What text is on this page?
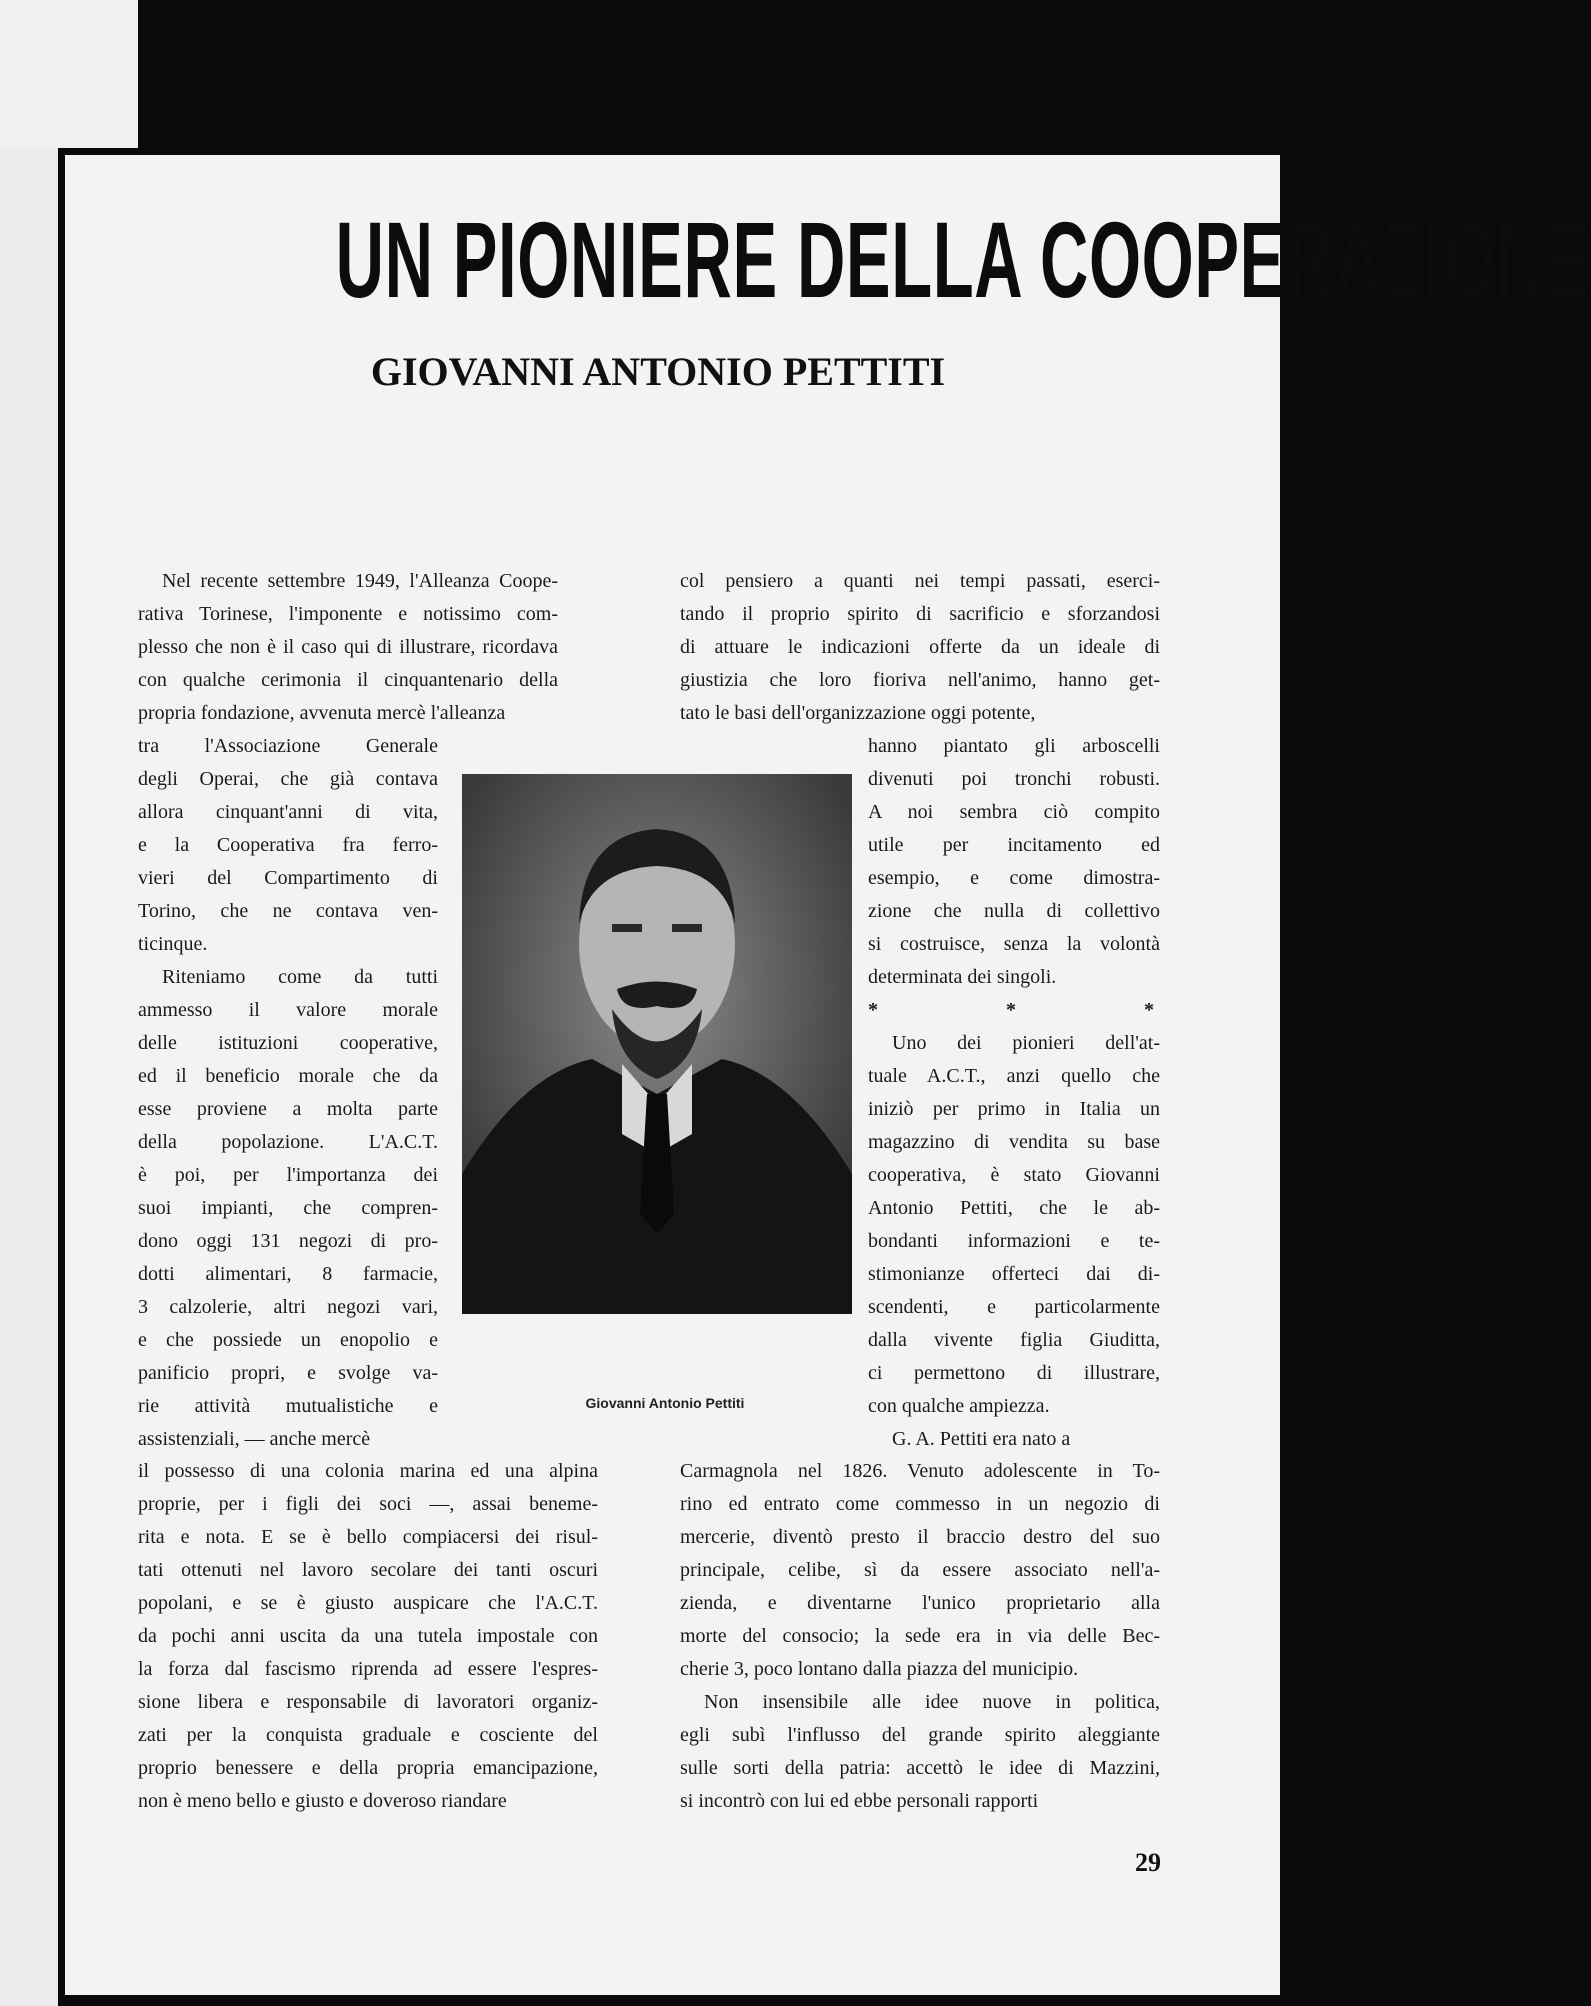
UN PIONIERE DELLA COOPERAZIONE
GIOVANNI ANTONIO PETTITI
Nel recente settembre 1949, l'Alleanza Coope-
rativa Torinese, l'imponente e notissimo com-
plesso che non è il caso qui di illustrare, ricordava
con qualche cerimonia il cinquantenario della
propria fondazione, avvenuta mercè l'alleanza
tra l'Associazione Generale
degli Operai, che già contava
allora cinquant'anni di vita,
e la Cooperativa fra ferro-
vieri del Compartimento di
Torino, che ne contava ven-
ticinque.
Riteniamo come da tutti
ammesso il valore morale
delle istituzioni cooperative,
ed il beneficio morale che da
esse proviene a molta parte
della popolazione. L'A.C.T.
è poi, per l'importanza dei
suoi impianti, che compren-
dono oggi 131 negozi di pro-
dotti alimentari, 8 farmacie,
3 calzolerie, altri negozi vari,
e che possiede un enopolio e
panificio propri, e svolge va-
rie attività mutualistiche e
assistenziali, — anche mercè
il possesso di una colonia marina ed una alpina
proprie, per i figli dei soci —, assai beneme-
rita e nota. E se è bello compiacersi dei risul-
tati ottenuti nel lavoro secolare dei tanti oscuri
popolani, e se è giusto auspicare che l'A.C.T.
da pochi anni uscita da una tutela impostale con
la forza dal fascismo riprenda ad essere l'espres-
sione libera e responsabile di lavoratori organiz-
zati per la conquista graduale e cosciente del
proprio benessere e della propria emancipazione,
non è meno bello e giusto e doveroso riandare
col pensiero a quanti nei tempi passati, eserci-
tando il proprio spirito di sacrificio e sforzandosi
di attuare le indicazioni offerte da un ideale di
giustizia che loro fioriva nell'animo, hanno get-
tato le basi dell'organizzazione oggi potente,
hanno piantato gli arboscelli
divenuti poi tronchi robusti.
A noi sembra ciò compito
utile per incitamento ed
esempio, e come dimostra-
zione che nulla di collettivo
si costruisce, senza la volontà
determinata dei singoli.
* * *
Uno dei pionieri dell'at-
tuale A.C.T., anzi quello che
iniziò per primo in Italia un
magazzino di vendita su base
cooperativa, è stato Giovanni
Antonio Pettiti, che le ab-
bondanti informazioni e te-
stimonianze offerteci dai di-
scendenti, e particolarmente
dalla vivente figlia Giuditta,
ci permettono di illustrare,
con qualche ampiezza.
G. A. Pettiti era nato a
Carmagnola nel 1826. Venuto adolescente in To-
rino ed entrato come commesso in un negozio di
mercerie, diventò presto il braccio destro del suo
principale, celibe, sì da essere associato nell'a-
zienda, e diventarne l'unico proprietario alla
morte del consocio; la sede era in via delle Bec-
cherie 3, poco lontano dalla piazza del municipio.
Non insensibile alle idee nuove in politica,
egli subì l'influsso del grande spirito aleggiante
sulle sorti della patria: accettò le idee di Mazzini,
si incontrò con lui ed ebbe personali rapporti
Giovanni Antonio Pettiti
29
